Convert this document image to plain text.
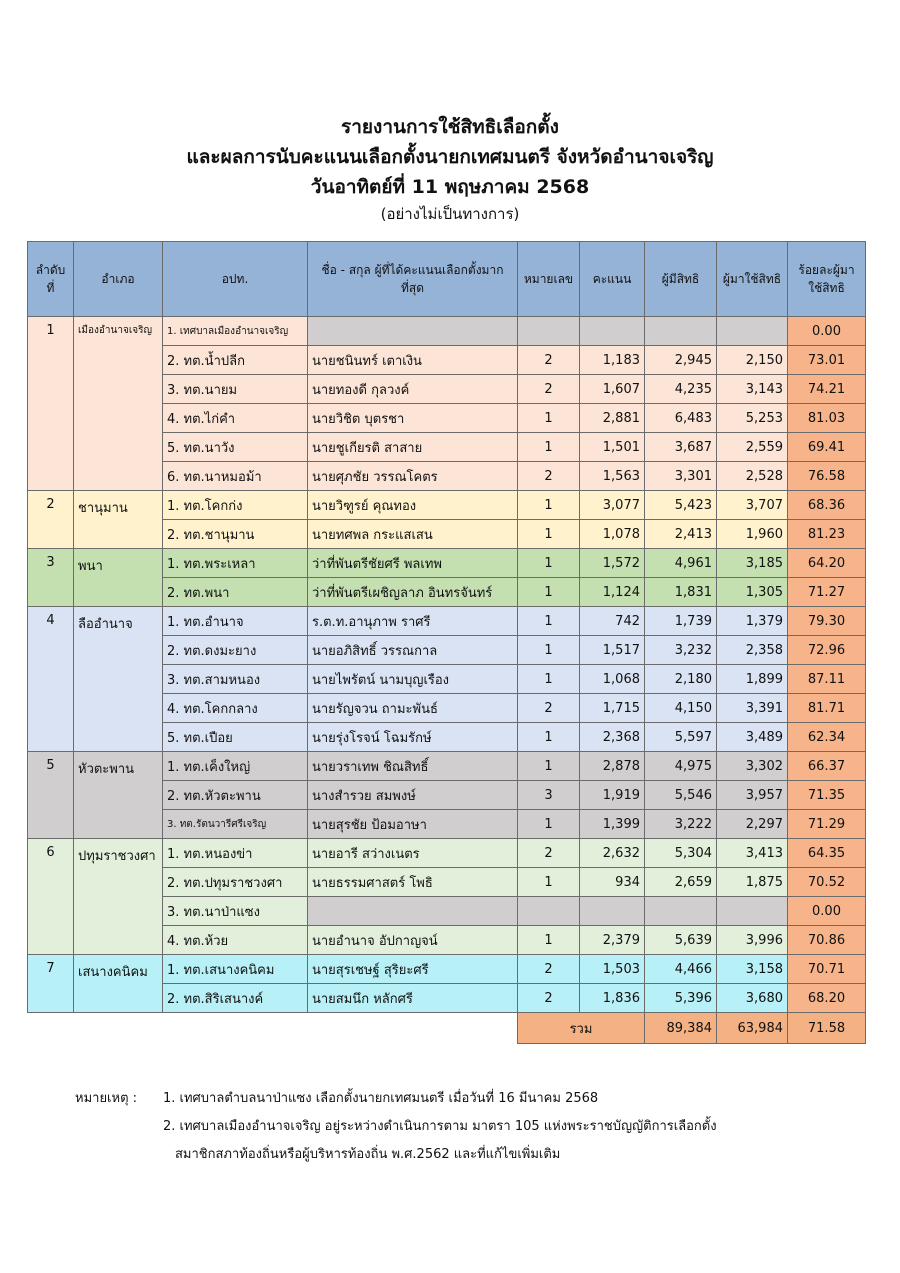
รายงานการใช้สิทธิเลือกตั้ง
และผลการนับคะแนนเลือกตั้งนายกเทศมนตรี จังหวัดอำนาจเจริญ
วันอาทิตย์ที่ 11 พฤษภาคม 2568
(อย่างไม่เป็นทางการ)
ลำดับที่	อำเภอ	อปท.	ชื่อ - สกุล ผู้ที่ได้คะแนนเลือกตั้งมากที่สุด	หมายเลข	คะแนน	ผู้มีสิทธิ	ผู้มาใช้สิทธิ	ร้อยละผู้มาใช้สิทธิ
1	เมืองอำนาจเจริญ	1. เทศบาลเมืองอำนาจเจริญ						0.00
		2. ทต.น้ำปลีก	นายชนินทร์ เตาเงิน	2	1,183	2,945	2,150	73.01
		3. ทต.นายม	นายทองดี กุลวงค์	2	1,607	4,235	3,143	74.21
		4. ทต.ไก่คำ	นายวิชิต บุตรชา	1	2,881	6,483	5,253	81.03
		5. ทต.นาวัง	นายชูเกียรติ สาสาย	1	1,501	3,687	2,559	69.41
		6. ทต.นาหมอม้า	นายศุภชัย วรรณโคตร	2	1,563	3,301	2,528	76.58
2	ชานุมาน	1. ทต.โคกก่ง	นายวิฑูรย์ คุณทอง	1	3,077	5,423	3,707	68.36
		2. ทต.ชานุมาน	นายทศพล กระแสเสน	1	1,078	2,413	1,960	81.23
3	พนา	1. ทต.พระเหลา	ว่าที่พันตรีชัยศรี พลเทพ	1	1,572	4,961	3,185	64.20
		2. ทต.พนา	ว่าที่พันตรีเผชิญลาภ อินทรจันทร์	1	1,124	1,831	1,305	71.27
4	ลืออำนาจ	1. ทต.อำนาจ	ร.ต.ท.อานุภาพ ราศรี	1	742	1,739	1,379	79.30
		2. ทต.ดงมะยาง	นายอภิสิทธิ์ วรรณกาล	1	1,517	3,232	2,358	72.96
		3. ทต.สามหนอง	นายไพรัตน์ นามบุญเรือง	1	1,068	2,180	1,899	87.11
		4. ทต.โคกกลาง	นายรัญจวน ถามะพันธ์	2	1,715	4,150	3,391	81.71
		5. ทต.เปือย	นายรุ่งโรจน์ โฉมรักษ์	1	2,368	5,597	3,489	62.34
5	หัวตะพาน	1. ทต.เค็งใหญ่	นายวราเทพ ชิณสิทธิ์	1	2,878	4,975	3,302	66.37
		2. ทต.หัวตะพาน	นางสำรวย สมพงษ์	3	1,919	5,546	3,957	71.35
		3. ทต.รัตนวารีศรีเจริญ	นายสุรชัย ป้อมอาษา	1	1,399	3,222	2,297	71.29
6	ปทุมราชวงศา	1. ทต.หนองข่า	นายอารี สว่างเนตร	2	2,632	5,304	3,413	64.35
		2. ทต.ปทุมราชวงศา	นายธรรมศาสตร์ โพธิ	1	934	2,659	1,875	70.52
		3. ทต.นาป่าแซง						0.00
		4. ทต.ห้วย	นายอำนาจ อัปกาญจน์	1	2,379	5,639	3,996	70.86
7	เสนางคนิคม	1. ทต.เสนางคนิคม	นายสุรเชษฐ์ สุริยะศรี	2	1,503	4,466	3,158	70.71
		2. ทต.สิริเสนางค์	นายสมนึก หลักศรี	2	1,836	5,396	3,680	68.20
				รวม		89,384	63,984	71.58
หมายเหตุ :	1. เทศบาลตำบลนาป่าแซง เลือกตั้งนายกเทศมนตรี เมื่อวันที่ 16 มีนาคม 2568
2. เทศบาลเมืองอำนาจเจริญ อยู่ระหว่างดำเนินการตาม มาตรา 105 แห่งพระราชบัญญัติการเลือกตั้ง
สมาชิกสภาท้องถิ่นหรือผู้บริหารท้องถิ่น พ.ศ.2562 และที่แก้ไขเพิ่มเติม
